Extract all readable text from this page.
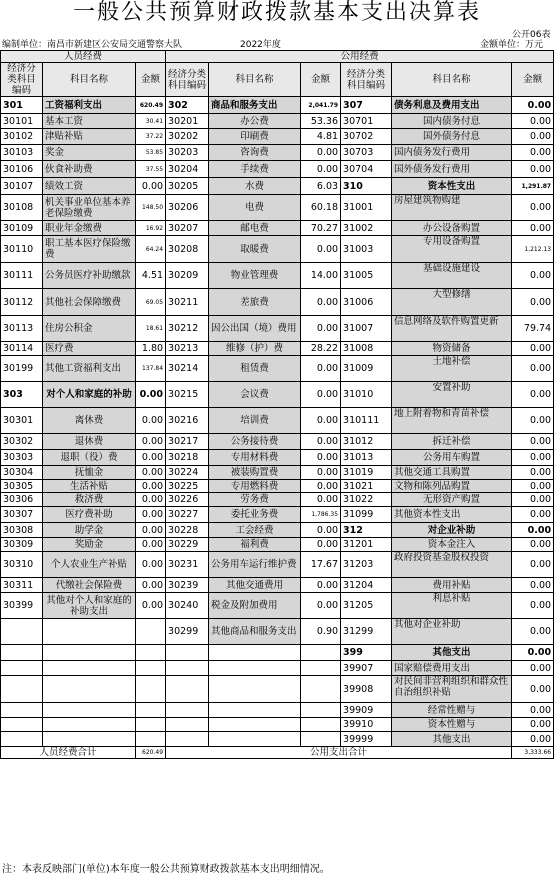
一般公共预算财政拨款基本支出决算表
公开06表
编制单位：南昌市新建区公安局交通警察大队	2022年度	金额单位：万元
人员经费			公用经费					
经济分类科目编码	科目名称	金额	经济分类科目编码	科目名称	金额	经济分类科目编码	科目名称	金额
301	工资福利支出	620.49	302	商品和服务支出	2,041.79	307	债务利息及费用支出	0.00
30101	基本工资	30.41	30201	办公费	53.36	30701	国内债务付息	0.00
30102	津贴补贴	37.22	30202	印刷费	4.81	30702	国外债务付息	0.00
30103	奖金	53.85	30203	咨询费	0.00	30703	国内债务发行费用	0.00
30106	伙食补助费	37.55	30204	手续费	0.00	30704	国外债务发行费用	0.00
30107	绩效工资	0.00	30205	水费	6.03	310	资本性支出	1,291.87
30108	机关事业单位基本养老保险缴费	148.50	30206	电费	60.18	31001	房屋建筑物购建	0.00
30109	职业年金缴费	16.92	30207	邮电费	70.27	31002	办公设备购置	0.00
30110	职工基本医疗保险缴费	64.24	30208	取暖费	0.00	31003	专用设备购置	1,212.13
30111	公务员医疗补助缴款	4.51	30209	物业管理费	14.00	31005	基础设施建设	0.00
30112	其他社会保障缴费	69.05	30211	差旅费	0.00	31006	大型修缮	0.00
30113	住房公积金	18.61	30212	因公出国（境）费用	0.00	31007	信息网络及软件购置更新	79.74
30114	医疗费	1.80	30213	维修（护）费	28.22	31008	物资储备	0.00
30199	其他工资福利支出	137.84	30214	租赁费	0.00	31009	土地补偿	0.00
303	对个人和家庭的补助	0.00	30215	会议费	0.00	31010	安置补助	0.00
30301	离休费	0.00	30216	培训费	0.00	310111	地上附着物和青苗补偿	0.00
30302	退休费	0.00	30217	公务接待费	0.00	31012	拆迁补偿	0.00
30303	退职（役）费	0.00	30218	专用材料费	0.00	31013	公务用车购置	0.00
30304	抚恤金	0.00	30224	被装购置费	0.00	31019	其他交通工具购置	0.00
30305	生活补贴	0.00	30225	专用燃料费	0.00	31021	文物和陈列品购置	0.00
30306	救济费	0.00	30226	劳务费	0.00	31022	无形资产购置	0.00
30307	医疗费补助	0.00	30227	委托业务费	1,786.35	31099	其他资本性支出	0.00
30308	助学金	0.00	30228	工会经费	0.00	312	对企业补助	0.00
30309	奖励金	0.00	30229	福利费	0.00	31201	资本金注入	0.00
30310	个人农业生产补贴	0.00	30231	公务用车运行维护费	17.67	31203	政府投资基金股权投资	0.00
30311	代缴社会保险费	0.00	30239	其他交通费用	0.00	31204	费用补贴	0.00
30399	其他对个人和家庭的补助支出	0.00	30240	税金及附加费用	0.00	31205	利息补贴	0.00
			30299	其他商品和服务支出	0.90	31299	其他对企业补助	0.00
						399	其他支出	0.00
						39907	国家赔偿费用支出	0.00
						39908	对民间非营利组织和群众性自治组织补贴	0.00
						39909	经常性赠与	0.00
						39910	资本性赠与	0.00
						39999	其他支出	0.00
人员经费合计		620.49	公用支出合计					3,333.66
注：本表反映部门(单位)本年度一般公共预算财政拨款基本支出明细情况。
